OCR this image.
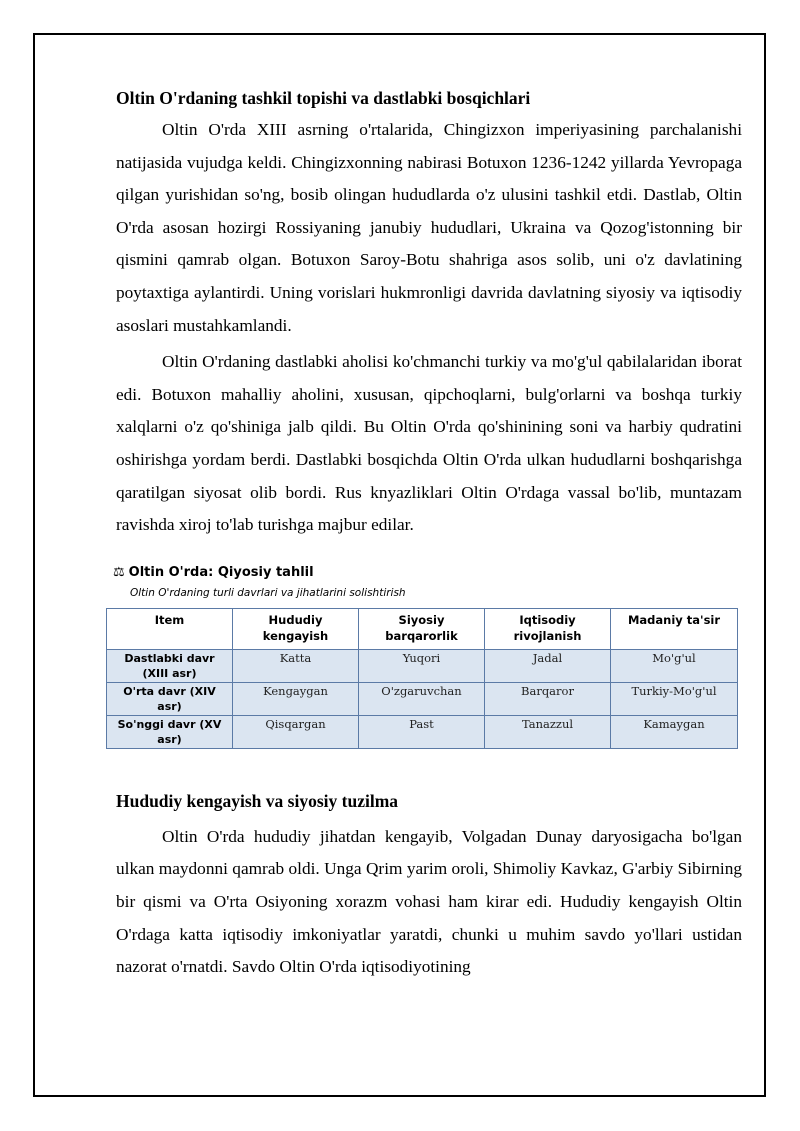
Oltin O'rdaning tashkil topishi va dastlabki bosqichlari

Oltin O'rda XIII asrning o'rtalarida, Chingizxon imperiyasining parchalanishi natijasida vujudga keldi. Chingizxonning nabirasi Botuxon 1236-1242 yillarda Yevropaga qilgan yurishidan so'ng, bosib olingan hududlarda o'z ulusini tashkil etdi. Dastlab, Oltin O'rda asosan hozirgi Rossiyaning janubiy hududlari, Ukraina va Qozog'istonning bir qismini qamrab olgan. Botuxon Saroy-Botu shahriga asos solib, uni o'z davlatining poytaxtiga aylantirdi. Uning vorislari hukmronligi davrida davlatning siyosiy va iqtisodiy asoslari mustahkamlandi.

Oltin O'rdaning dastlabki aholisi ko'chmanchi turkiy va mo'g'ul qabilalaridan iborat edi. Botuxon mahalliy aholini, xususan, qipchoqlarni, bulg'orlarni va boshqa turkiy xalqlarni o'z qo'shiniga jalb qildi. Bu Oltin O'rda qo'shinining soni va harbiy qudratini oshirishga yordam berdi. Dastlabki bosqichda Oltin O'rda ulkan hududlarni boshqarishga qaratilgan siyosat olib bordi. Rus knyazliklari Oltin O'rdaga vassal bo'lib, muntazam ravishda xiroj to'lab turishga majbur edilar.

⚖ Oltin O'rda: Qiyosiy tahlil
Oltin O'rdaning turli davrlari va jihatlarini solishtirish
Item	Hududiy kengayish	Siyosiy barqarorlik	Iqtisodiy rivojlanish	Madaniy ta'sir
Dastlabki davr (XIII asr)	Katta	Yuqori	Jadal	Mo'g'ul
O'rta davr (XIV asr)	Kengaygan	O'zgaruvchan	Barqaror	Turkiy-Mo'g'ul
So'nggi davr (XV asr)	Qisqargan	Past	Tanazzul	Kamaygan
Hududiy kengayish va siyosiy tuzilma

Oltin O'rda hududiy jihatdan kengayib, Volgadan Dunay daryosigacha bo'lgan ulkan maydonni qamrab oldi. Unga Qrim yarim oroli, Shimoliy Kavkaz, G'arbiy Sibirning bir qismi va O'rta Osiyoning xorazm vohasi ham kirar edi. Hududiy kengayish Oltin O'rdaga katta iqtisodiy imkoniyatlar yaratdi, chunki u muhim savdo yo'llari ustidan nazorat o'rnatdi. Savdo Oltin O'rda iqtisodiyotining
